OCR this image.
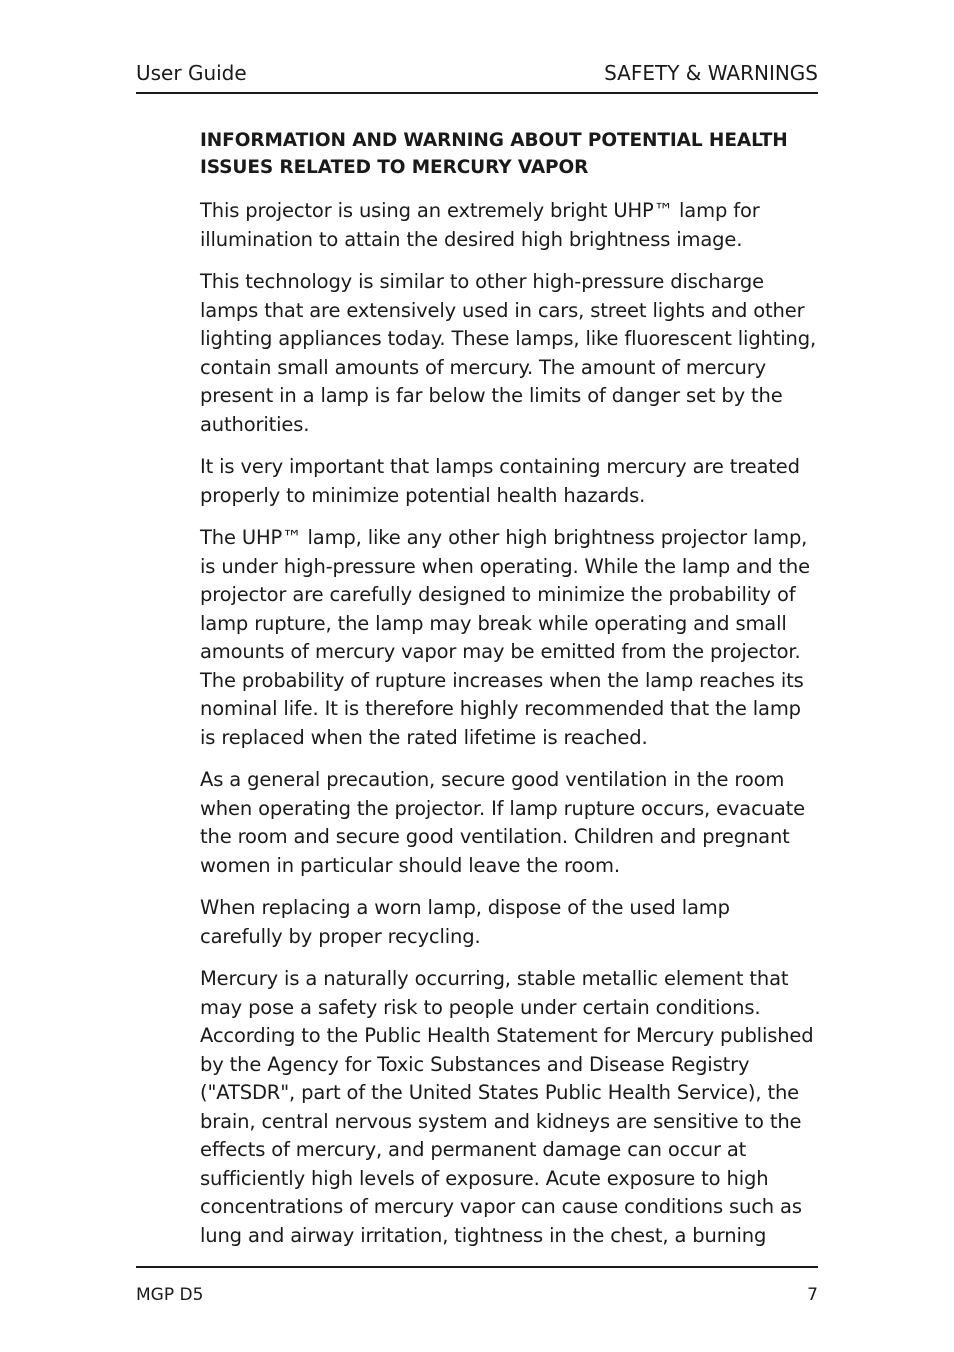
User Guide	SAFETY & WARNINGS
INFORMATION AND WARNING ABOUT POTENTIAL HEALTH ISSUES RELATED TO MERCURY VAPOR

This projector is using an extremely bright UHP™ lamp for illumination to attain the desired high brightness image.

This technology is similar to other high-pressure discharge lamps that are extensively used in cars, street lights and other lighting appliances today. These lamps, like fluorescent lighting, contain small amounts of mercury. The amount of mercury present in a lamp is far below the limits of danger set by the authorities.

It is very important that lamps containing mercury are treated properly to minimize potential health hazards.

The UHP™ lamp, like any other high brightness projector lamp, is under high-pressure when operating. While the lamp and the projector are carefully designed to minimize the probability of lamp rupture, the lamp may break while operating and small amounts of mercury vapor may be emitted from the projector. The probability of rupture increases when the lamp reaches its nominal life. It is therefore highly recommended that the lamp is replaced when the rated lifetime is reached.

As a general precaution, secure good ventilation in the room when operating the projector. If lamp rupture occurs, evacuate the room and secure good ventilation. Children and pregnant women in particular should leave the room.

When replacing a worn lamp, dispose of the used lamp carefully by proper recycling.

Mercury is a naturally occurring, stable metallic element that may pose a safety risk to people under certain conditions. According to the Public Health Statement for Mercury published by the Agency for Toxic Substances and Disease Registry ("ATSDR", part of the United States Public Health Service), the brain, central nervous system and kidneys are sensitive to the effects of mercury, and permanent damage can occur at sufficiently high levels of exposure. Acute exposure to high concentrations of mercury vapor can cause conditions such as lung and airway irritation, tightness in the chest, a burning

MGP D5	7
